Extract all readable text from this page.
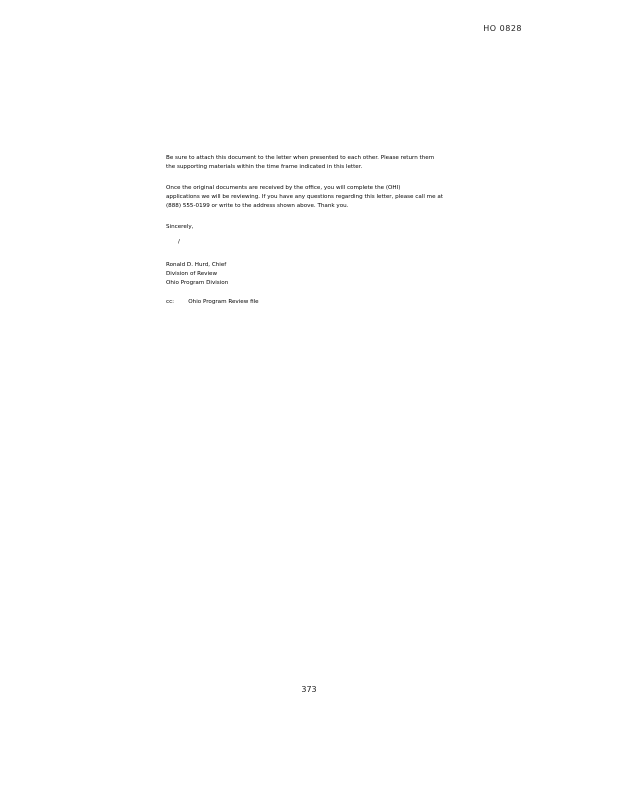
HO 0828
Be sure to attach this document to the letter when presented to each other. Please return them
the supporting materials within the time frame indicated in this letter.
Once the original documents are received by the office, you will complete the (OHI)
applications we will be reviewing. If you have any questions regarding this letter, please call me at
(888) 555-0199 or write to the address shown above. Thank you.
Sincerely,
/
Ronald D. Hurd, Chief
Division of Review
Ohio Program Division
cc:        Ohio Program Review file
373
